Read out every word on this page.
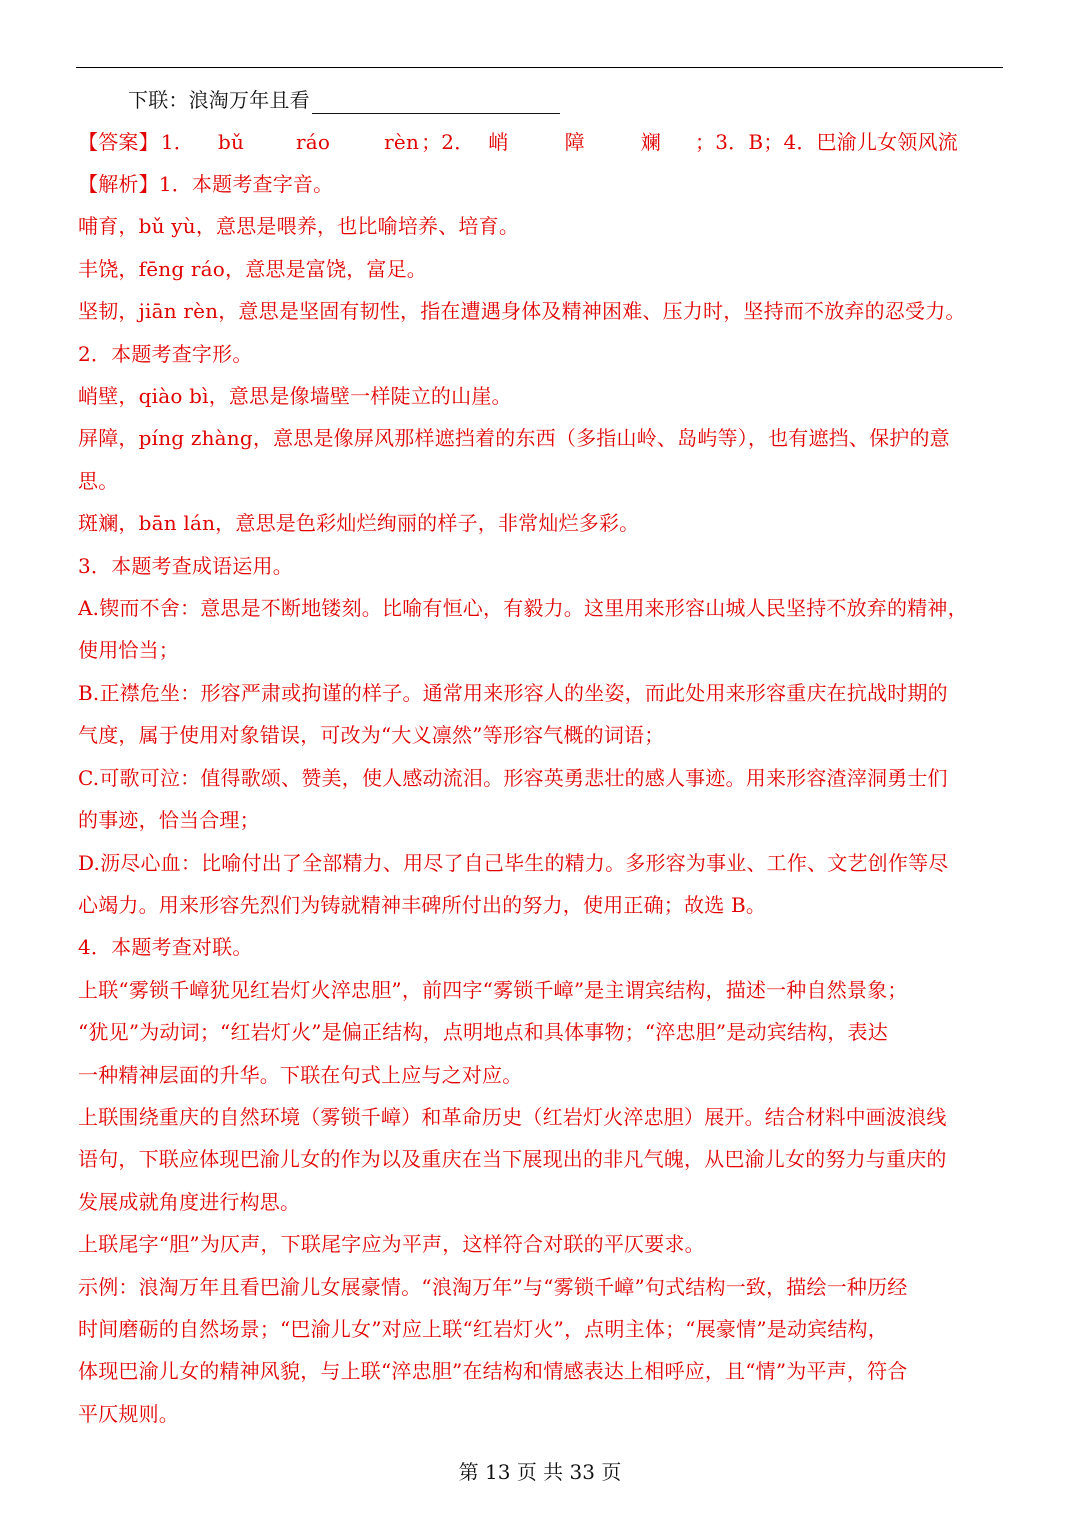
下联：浪淘万年且看
【答案】 1． bǔ	ráo	rèn ；2． 峭	障	斓 ；3．B；4．巴渝儿女领风流
【解析】1．本题考查字音。
哺育，bǔ yù，意思是喂养，也比喻培养、培育。
丰饶，fēng ráo，意思是富饶，富足。
坚韧，jiān rèn，意思是坚固有韧性，指在遭遇身体及精神困难、压力时，坚持而不放弃的忍受力。
2．本题考查字形。
峭壁，qiào bì，意思是像墙壁一样陡立的山崖。
屏障，píng zhàng，意思是像屏风那样遮挡着的东西（多指山岭、岛屿等），也有遮挡、保护的意
思。
斑斓，bān lán，意思是色彩灿烂绚丽的样子，非常灿烂多彩。
3．本题考查成语运用。
A.锲而不舍：意思是不断地镂刻。比喻有恒心，有毅力。这里用来形容山城人民坚持不放弃的精神，
使用恰当；
B.正襟危坐：形容严肃或拘谨的样子。通常用来形容人的坐姿，而此处用来形容重庆在抗战时期的
气度，属于使用对象错误，可改为“大义凛然”等形容气概的词语；
C.可歌可泣：值得歌颂、赞美，使人感动流泪。形容英勇悲壮的感人事迹。用来形容渣滓洞勇士们
的事迹，恰当合理；
D.沥尽心血：比喻付出了全部精力、用尽了自己毕生的精力。多形容为事业、工作、文艺创作等尽
心竭力。用来形容先烈们为铸就精神丰碑所付出的努力，使用正确；故选 B。
4．本题考查对联。
上联“雾锁千嶂犹见红岩灯火淬忠胆”，前四字“雾锁千嶂”是主谓宾结构，描述一种自然景象；
“犹见”为动词；“红岩灯火”是偏正结构，点明地点和具体事物；“淬忠胆”是动宾结构，表达
一种精神层面的升华。下联在句式上应与之对应。
上联围绕重庆的自然环境（雾锁千嶂）和革命历史（红岩灯火淬忠胆）展开。结合材料中画波浪线
语句，下联应体现巴渝儿女的作为以及重庆在当下展现出的非凡气魄，从巴渝儿女的努力与重庆的
发展成就角度进行构思。
上联尾字“胆”为仄声，下联尾字应为平声，这样符合对联的平仄要求。
示例：浪淘万年且看巴渝儿女展豪情。“浪淘万年”与“雾锁千嶂”句式结构一致，描绘一种历经
时间磨砺的自然场景；“巴渝儿女”对应上联“红岩灯火”，点明主体；“展豪情”是动宾结构，
体现巴渝儿女的精神风貌，与上联“淬忠胆”在结构和情感表达上相呼应，且“情”为平声，符合
平仄规则。
第 13 页 共 33 页
